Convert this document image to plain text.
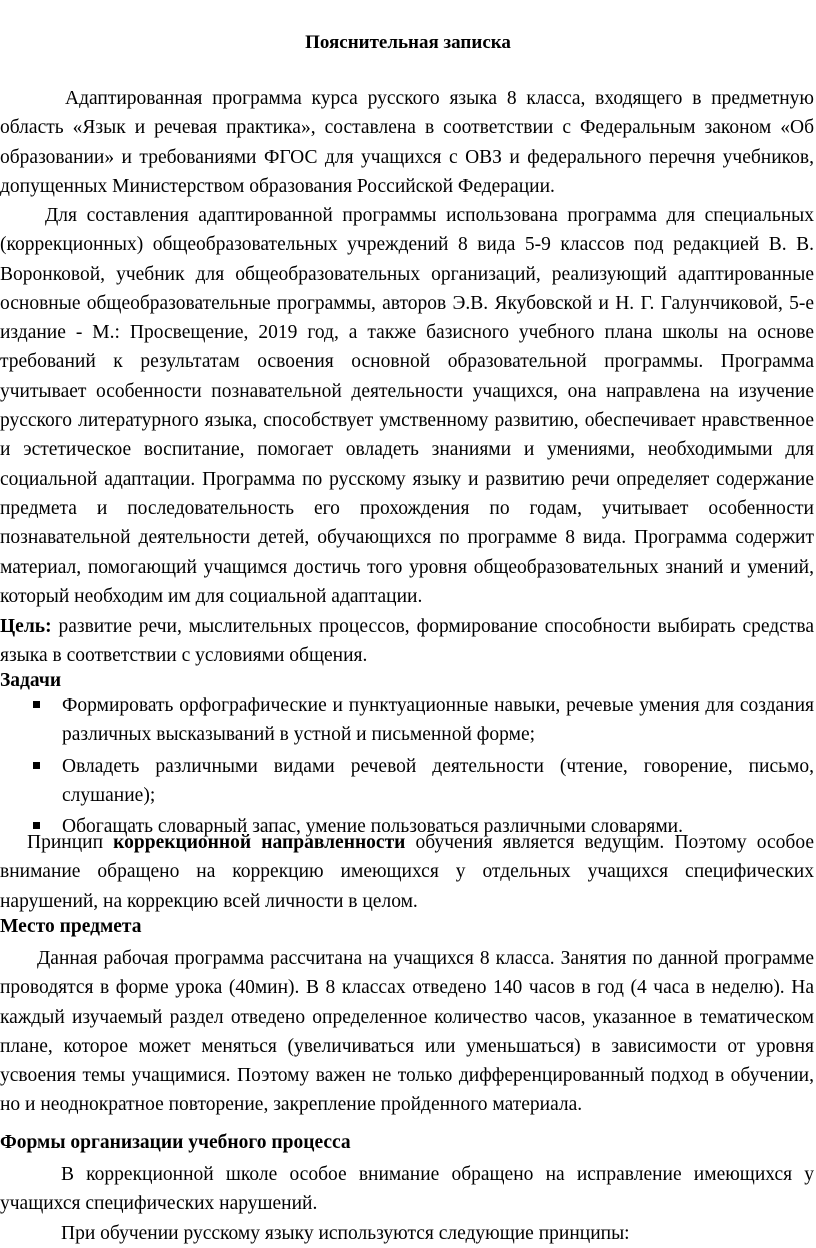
Пояснительная записка
Адаптированная программа курса русского языка 8 класса, входящего в предметную область «Язык и речевая практика», составлена в соответствии с Федеральным законом «Об образовании» и требованиями ФГОС для учащихся с ОВЗ и федерального перечня учебников, допущенных Министерством образования Российской Федерации.
Для составления адаптированной программы использована программа для специальных (коррекционных) общеобразовательных учреждений 8 вида 5-9 классов под редакцией В. В. Воронковой, учебник для общеобразовательных организаций, реализующий адаптированные основные общеобразовательные программы, авторов Э.В. Якубовской и Н. Г. Галунчиковой, 5-е издание - М.: Просвещение, 2019 год, а также базисного учебного плана школы на основе требований к результатам освоения основной образовательной программы. Программа учитывает особенности познавательной деятельности учащихся, она направлена на изучение русского литературного языка, способствует умственному развитию, обеспечивает нравственное и эстетическое воспитание, помогает овладеть знаниями и умениями, необходимыми для социальной адаптации. Программа по русскому языку и развитию речи определяет содержание предмета и последовательность его прохождения по годам, учитывает особенности познавательной деятельности детей, обучающихся по программе 8 вида. Программа содержит материал, помогающий учащимся достичь того уровня общеобразовательных знаний и умений, который необходим им для социальной адаптации.
Цель: развитие речи, мыслительных процессов, формирование способности выбирать средства языка в соответствии с условиями общения.
Задачи
Формировать орфографические и пунктуационные навыки, речевые умения для создания различных высказываний в устной и письменной форме;
Овладеть различными видами речевой деятельности (чтение, говорение, письмо, слушание);
Обогащать словарный запас, умение пользоваться различными словарями.
Принцип коррекционной направленности обучения является ведущим. Поэтому особое внимание обращено на коррекцию имеющихся у отдельных учащихся специфических нарушений, на коррекцию всей личности в целом.
Место предмета
Данная рабочая программа рассчитана на учащихся 8 класса. Занятия по данной программе проводятся в форме урока (40мин). В 8 классах отведено 140 часов в год (4 часа в неделю). На каждый изучаемый раздел отведено определенное количество часов, указанное в тематическом плане, которое может меняться (увеличиваться или уменьшаться) в зависимости от уровня усвоения темы учащимися. Поэтому важен не только дифференцированный подход в обучении, но и неоднократное повторение, закрепление пройденного материала.
Формы организации учебного процесса
В коррекционной школе особое внимание обращено на исправление имеющихся у учащихся специфических нарушений.
При обучении русскому языку используются следующие принципы:
